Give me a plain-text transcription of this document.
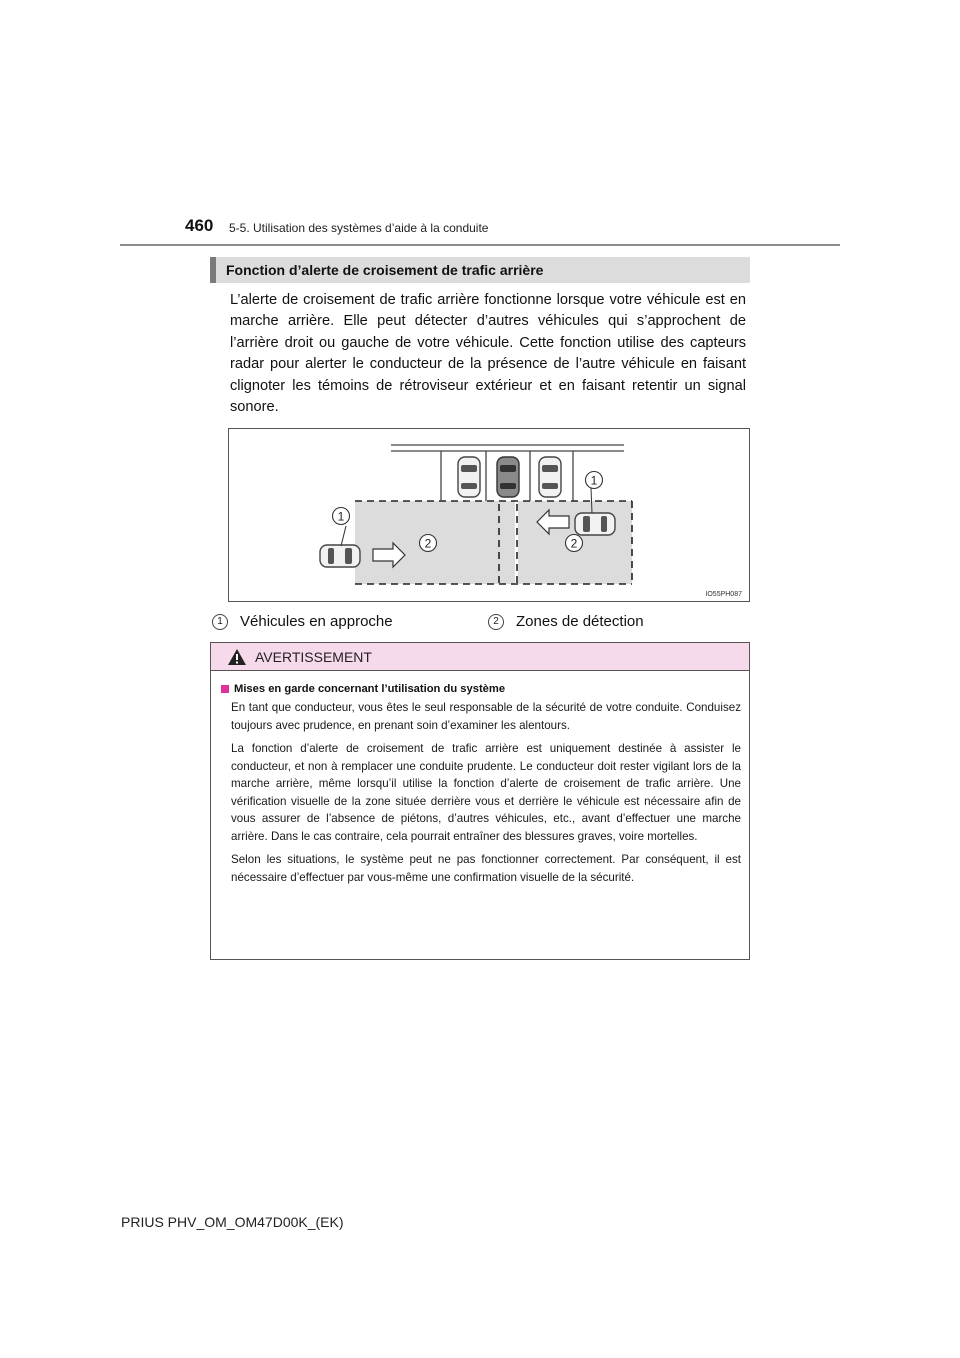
460 5-5. Utilisation des systèmes d’aide à la conduite
Fonction d’alerte de croisement de trafic arrière

L’alerte de croisement de trafic arrière fonctionne lorsque votre véhicule est en marche arrière. Elle peut détecter d’autres véhicules qui s’approchent de l’arrière droit ou gauche de votre véhicule. Cette fonction utilise des capteurs radar pour alerter le conducteur de la présence de l’autre véhicule en faisant clignoter les témoins de rétroviseur extérieur et en faisant retentir un signal sonore.

1
1
2	2
IO55PH087
1	Véhicules en approche	2	Zones de détection
AVERTISSEMENT

Mises en garde concernant l’utilisation du système

En tant que conducteur, vous êtes le seul responsable de la sécurité de votre conduite. Conduisez toujours avec prudence, en prenant soin d’examiner les alentours.

La fonction d’alerte de croisement de trafic arrière est uniquement destinée à assister le conducteur, et non à remplacer une conduite prudente. Le conducteur doit rester vigilant lors de la marche arrière, même lorsqu’il utilise la fonction d’alerte de croisement de trafic arrière. Une vérification visuelle de la zone située derrière vous et derrière le véhicule est nécessaire afin de vous assurer de l’absence de piétons, d’autres véhicules, etc., avant d’effectuer une marche arrière. Dans le cas contraire, cela pourrait entraîner des blessures graves, voire mortelles.

Selon les situations, le système peut ne pas fonctionner correctement. Par conséquent, il est nécessaire d’effectuer par vous-même une confirmation visuelle de la sécurité.

PRIUS PHV_OM_OM47D00K_(EK)
